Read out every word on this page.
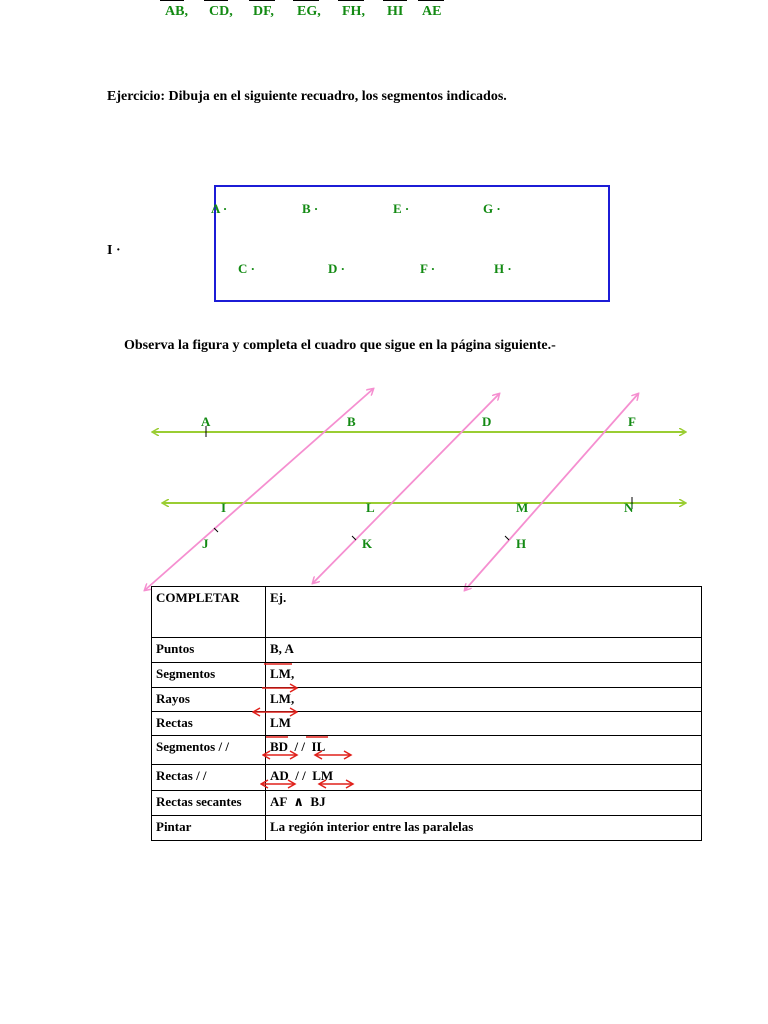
Ejercicio: Dibuja en el siguiente recuadro, los segmentos indicados.
AB, CD, DF, EG, FH, HI AE
A ·	B ·	E ·	G ·
C ·	D ·	F ·	H ·
I ·
Observa la figura y completa el cuadro que sigue en la página siguiente.-
A	B	D	F
I	L	M	N
J	K	H
COMPLETAR	Ej.
Puntos	B, A
Segmentos	LM,
Rayos	LM,
Rectas	LM
Segmentos / /	BD  / /  IL
Rectas / /	AD  / /  LM
Rectas secantes	AF  ∧  BJ
Pintar	La región interior entre las paralelas
